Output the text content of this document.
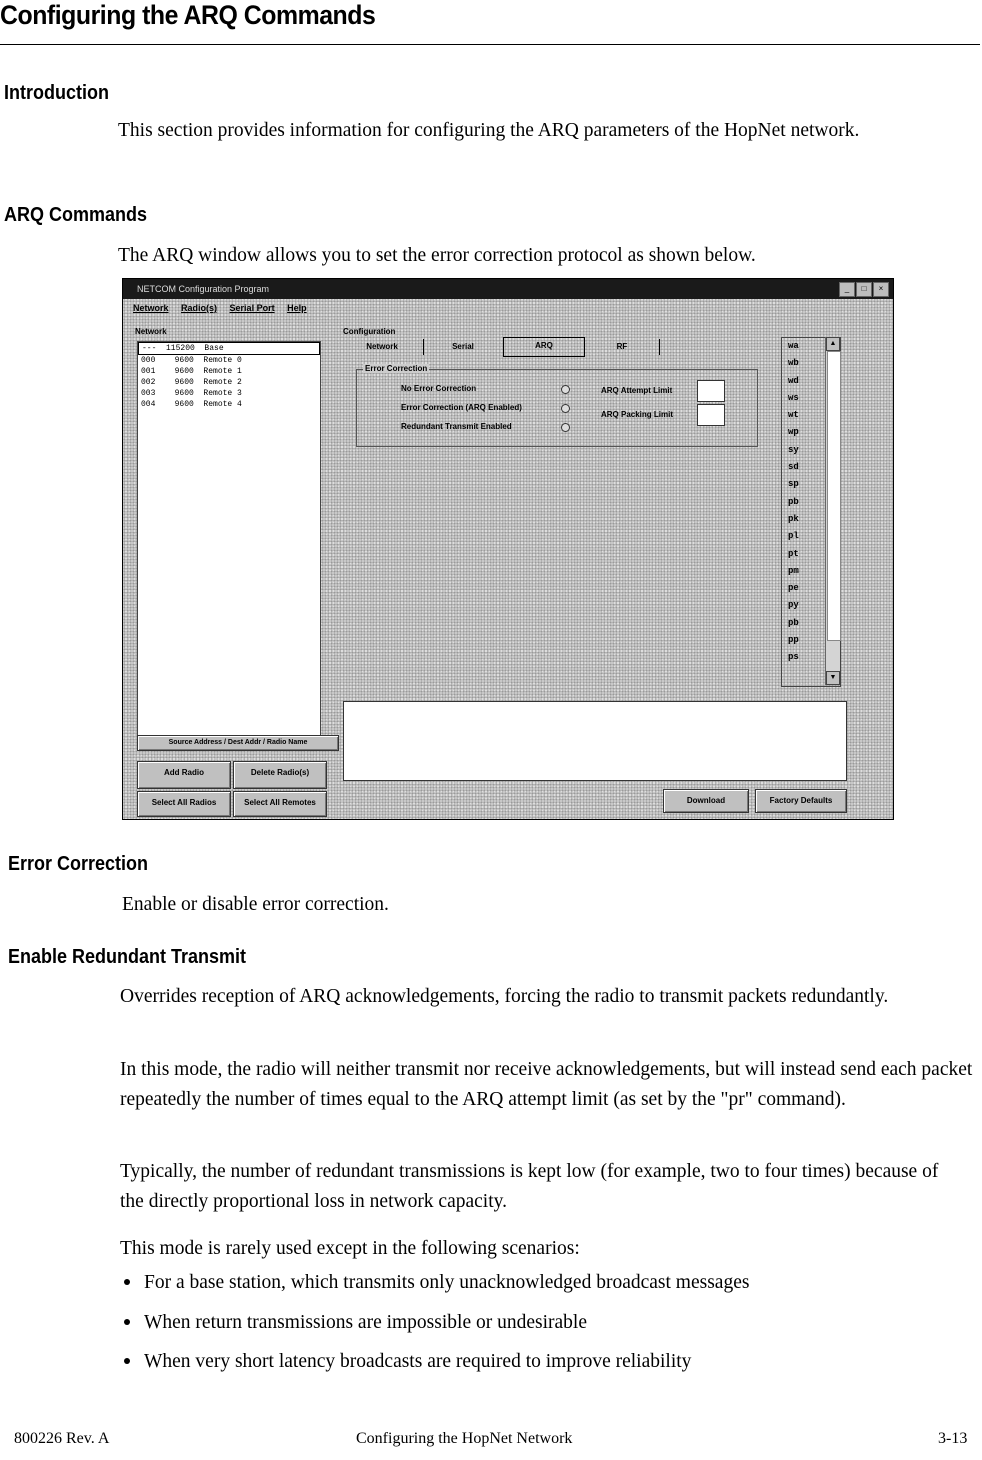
Configuring the ARQ Commands
Introduction
This section provides information for configuring the ARQ parameters of the HopNet network.
ARQ Commands
The ARQ window allows you to set the error correction protocol as shown below.
NETCOM Configuration Program	_	□	×
Network Radio(s) Serial Port Help
Network	Configuration
---  115200  Base
000    9600  Remote 0
001    9600  Remote 1
002    9600  Remote 2
003    9600  Remote 3
004    9600  Remote 4
Network	Serial	ARQ	RF
Error Correction
No Error Correction
Error Correction (ARQ Enabled)
Redundant Transmit Enabled
ARQ Attempt Limit
ARQ Packing Limit
wa
wb
wd
ws
wt
wp
sy
sd
sp
pb
pk
pl
pt
pm
pe
py
pb
pp
ps
▲
▼
Source Address / Dest Addr / Radio Name
Add Radio	Delete Radio(s)
Select All Radios	Select All Remotes	Download	Factory Defaults
Error Correction
Enable or disable error correction.
Enable Redundant Transmit
Overrides reception of ARQ acknowledgements, forcing the radio to transmit packets redundantly.
In this mode, the radio will neither transmit nor receive acknowledgements, but will instead send each packet repeatedly the number of times equal to the ARQ attempt limit (as set by the "pr" command).
Typically, the number of redundant transmissions is kept low (for example, two to four times) because of the directly proportional loss in network capacity.
This mode is rarely used except in the following scenarios:
For a base station, which transmits only unacknowledged broadcast messages
When return transmissions are impossible or undesirable
When very short latency broadcasts are required to improve reliability
800226 Rev. A	Configuring the HopNet Network	3-13
